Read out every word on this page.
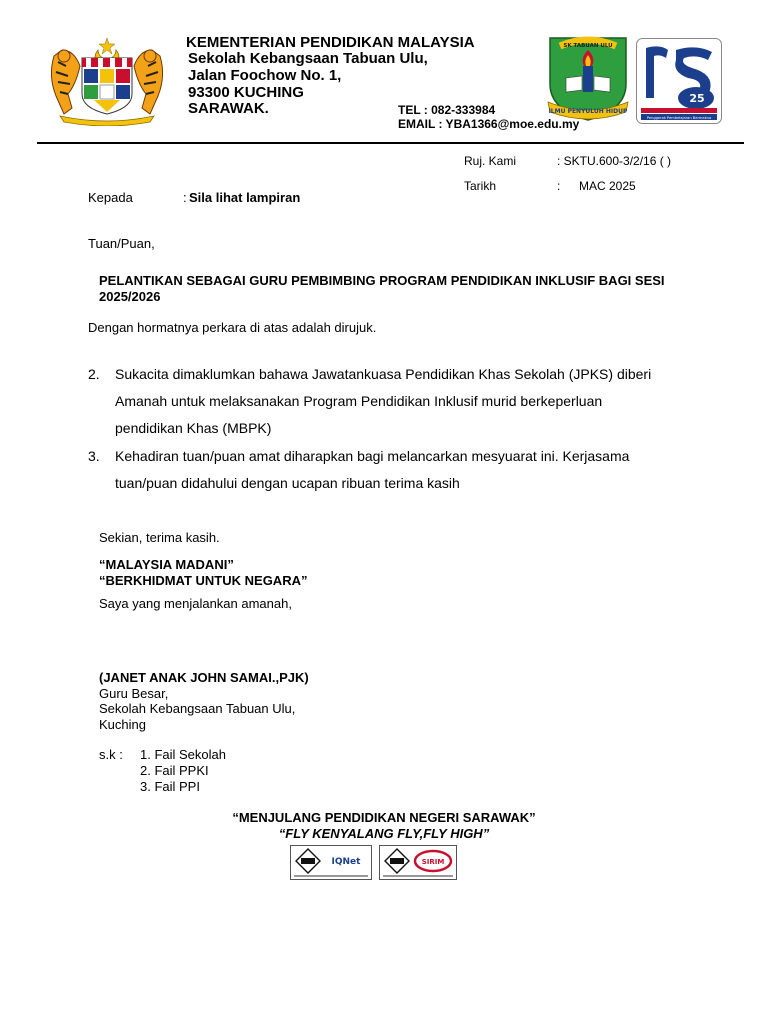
KEMENTERIAN PENDIDIKAN MALAYSIA
Sekolah Kebangsaan Tabuan Ulu,
Jalan Foochow No. 1,
93300 KUCHING
SARAWAK.	TEL : 082-333984
EMAIL : YBA1366@moe.edu.my
SK TABUAN ULU
ILMU PENYULUH HIDUP
25
Penggerak Pembelajaran Bermakna
Ruj. Kami	: SKTU.600-3/2/16 ( )
Tarikh	: MAC 2025
Kepada	: Sila lihat lampiran
Tuan/Puan,
PELANTIKAN SEBAGAI GURU PEMBIMBING PROGRAM PENDIDIKAN INKLUSIF BAGI SESI
2025/2026
Dengan hormatnya perkara di atas adalah dirujuk.
2. Sukacita dimaklumkan bahawa Jawatankuasa Pendidikan Khas Sekolah (JPKS) diberi
Amanah untuk melaksanakan Program Pendidikan Inklusif murid berkeperluan
pendidikan Khas (MBPK)
3. Kehadiran tuan/puan amat diharapkan bagi melancarkan mesyuarat ini. Kerjasama
tuan/puan didahului dengan ucapan ribuan terima kasih
Sekian, terima kasih.
“MALAYSIA MADANI”
“BERKHIDMAT UNTUK NEGARA”
Saya yang menjalankan amanah,
(JANET ANAK JOHN SAMAI.,PJK)
Guru Besar,
Sekolah Kebangsaan Tabuan Ulu,
Kuching
s.k : 1. Fail Sekolah
2. Fail PPKI
3. Fail PPI
“MENJULANG PENDIDIKAN NEGERI SARAWAK”
“FLY KENYALANG FLY,FLY HIGH”
IQNet	SIRIM
